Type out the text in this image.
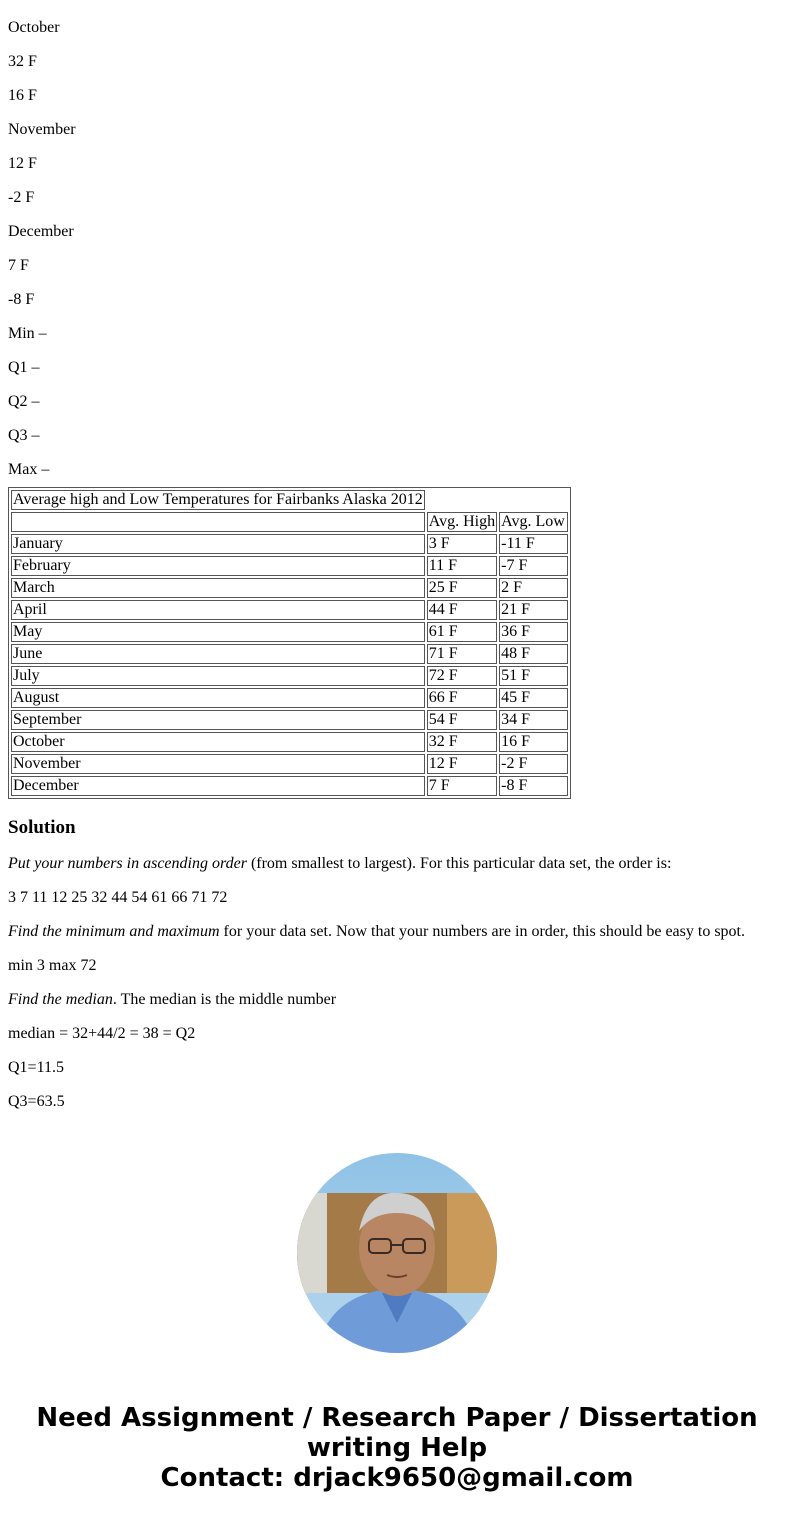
October

32 F

16 F

November

12 F

-2 F

December

7 F

-8 F

Min –

Q1 –

Q2 –

Q3 –

Max –

Average high and Low Temperatures for Fairbanks Alaska 2012		
	Avg. High	Avg. Low
January	3 F	-11 F
February	11 F	-7 F
March	25 F	2 F
April	44 F	21 F
May	61 F	36 F
June	71 F	48 F
July	72 F	51 F
August	66 F	45 F
September	54 F	34 F
October	32 F	16 F
November	12 F	-2 F
December	7 F	-8 F
Solution

Put your numbers in ascending order (from smallest to largest). For this particular data set, the order is:

3 7 11 12 25 32 44 54 61 66 71 72

Find the minimum and maximum for your data set. Now that your numbers are in order, this should be easy to spot.

min 3 max 72

Find the median. The median is the middle number

median = 32+44/2 = 38 = Q2

Q1=11.5

Q3=63.5

Need Assignment / Research Paper / Dissertation
writing Help
Contact: drjack9650@gmail.com
